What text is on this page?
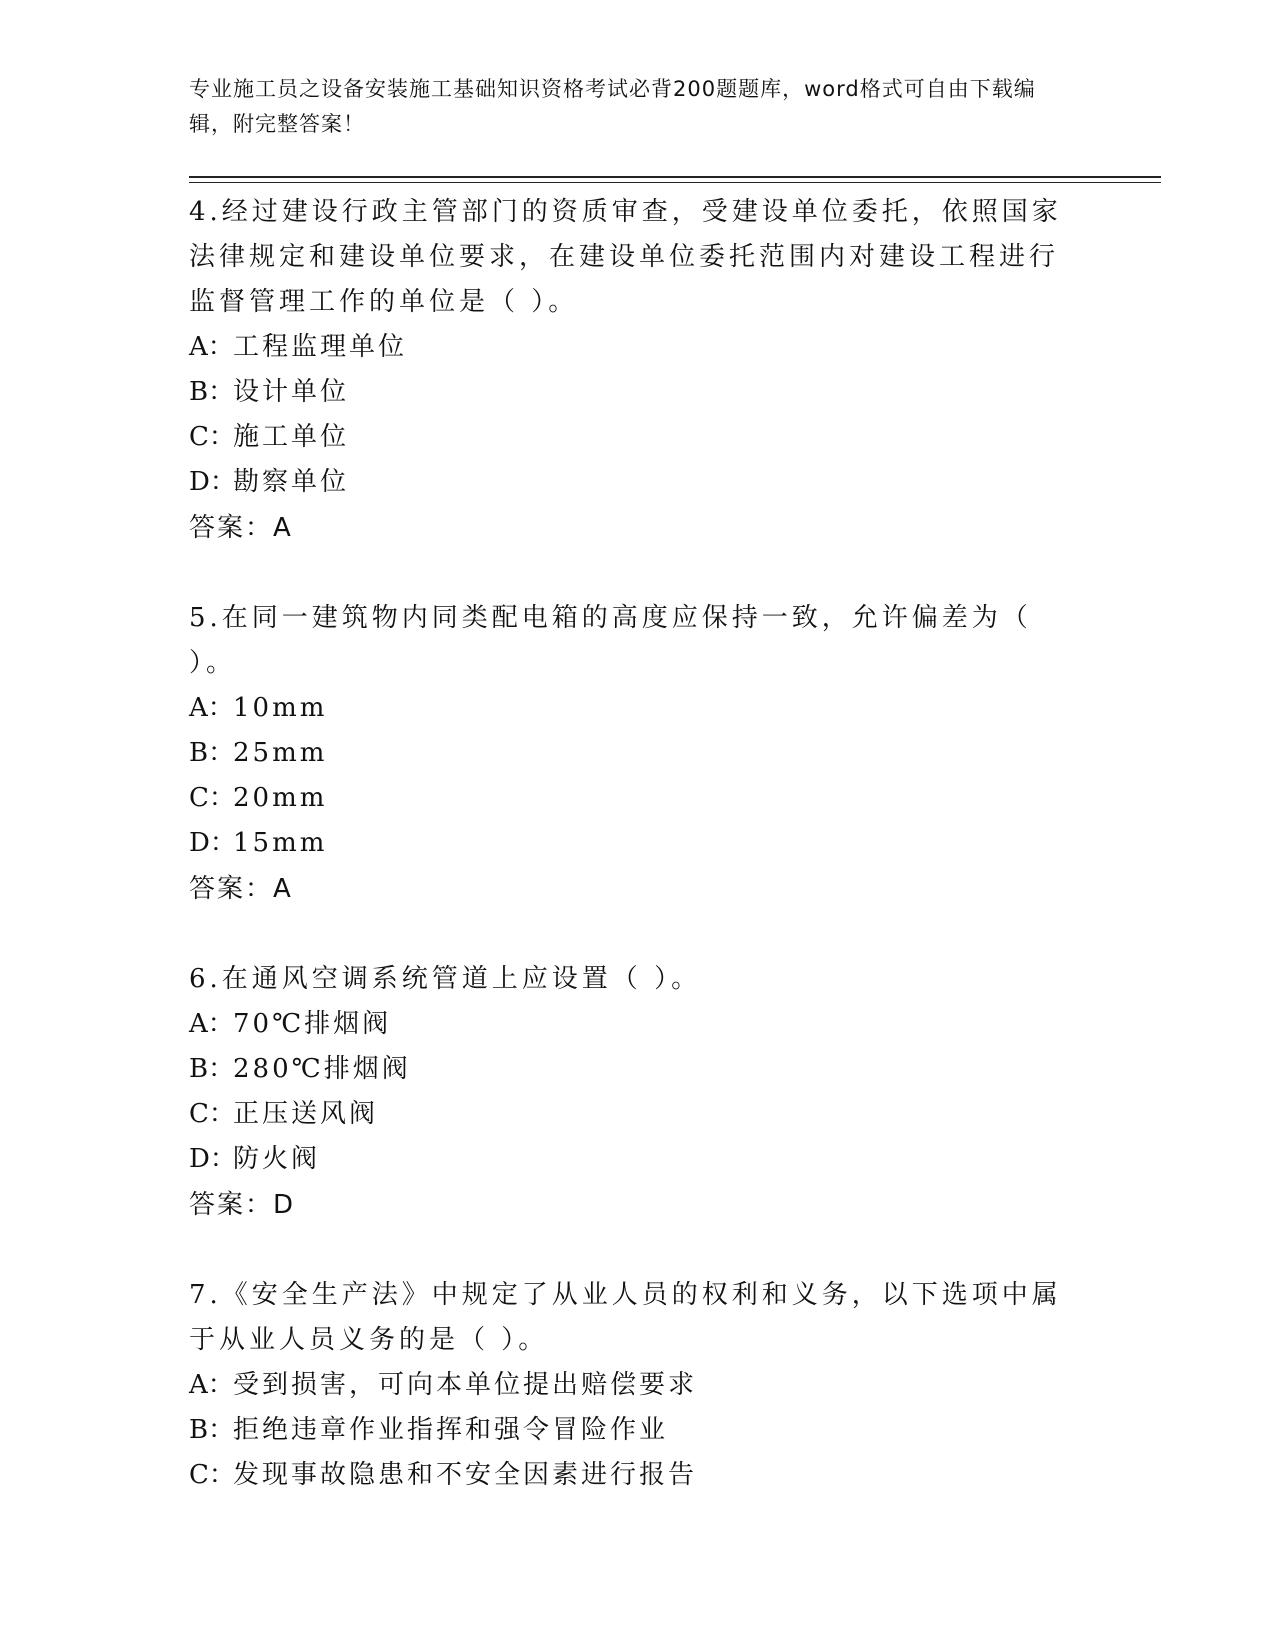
专业施工员之设备安装施工基础知识资格考试必背200题题库，word格式可自由下载编辑，附完整答案！

4.经过建设行政主管部门的资质审查，受建设单位委托，依照国家法律规定和建设单位要求，在建设单位委托范围内对建设工程进行监督管理工作的单位是（ ）。

A：工程监理单位

B：设计单位

C：施工单位

D：勘察单位

答案：A

5.在同一建筑物内同类配电箱的高度应保持一致，允许偏差为（ ）。

A：10mm

B：25mm

C：20mm

D：15mm

答案：A

6.在通风空调系统管道上应设置（ ）。

A：70℃排烟阀

B：280℃排烟阀

C：正压送风阀

D：防火阀

答案：D

7.《安全生产法》中规定了从业人员的权利和义务，以下选项中属于从业人员义务的是（ ）。

A：受到损害，可向本单位提出赔偿要求

B：拒绝违章作业指挥和强令冒险作业

C：发现事故隐患和不安全因素进行报告
